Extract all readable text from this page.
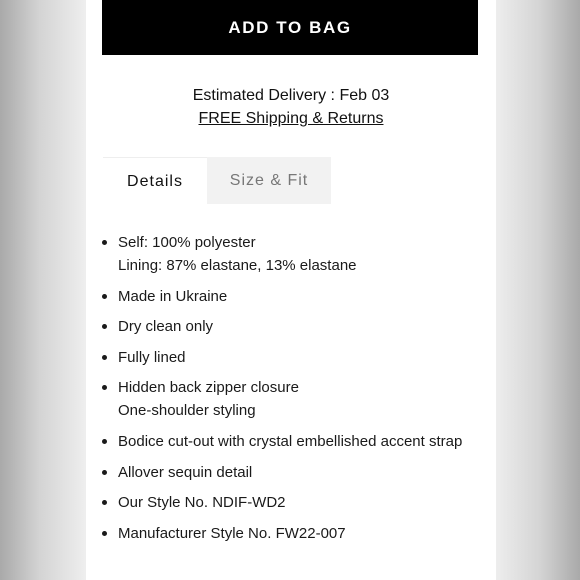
ADD TO BAG
Estimated Delivery : Feb 03
FREE Shipping & Returns
Details	Size & Fit
Self: 100% polyester
Lining: 87% elastane, 13% elastane
Made in Ukraine
Dry clean only
Fully lined
Hidden back zipper closure
One-shoulder styling
Bodice cut-out with crystal embellished accent strap
Allover sequin detail
Our Style No. NDIF-WD2
Manufacturer Style No. FW22-007
